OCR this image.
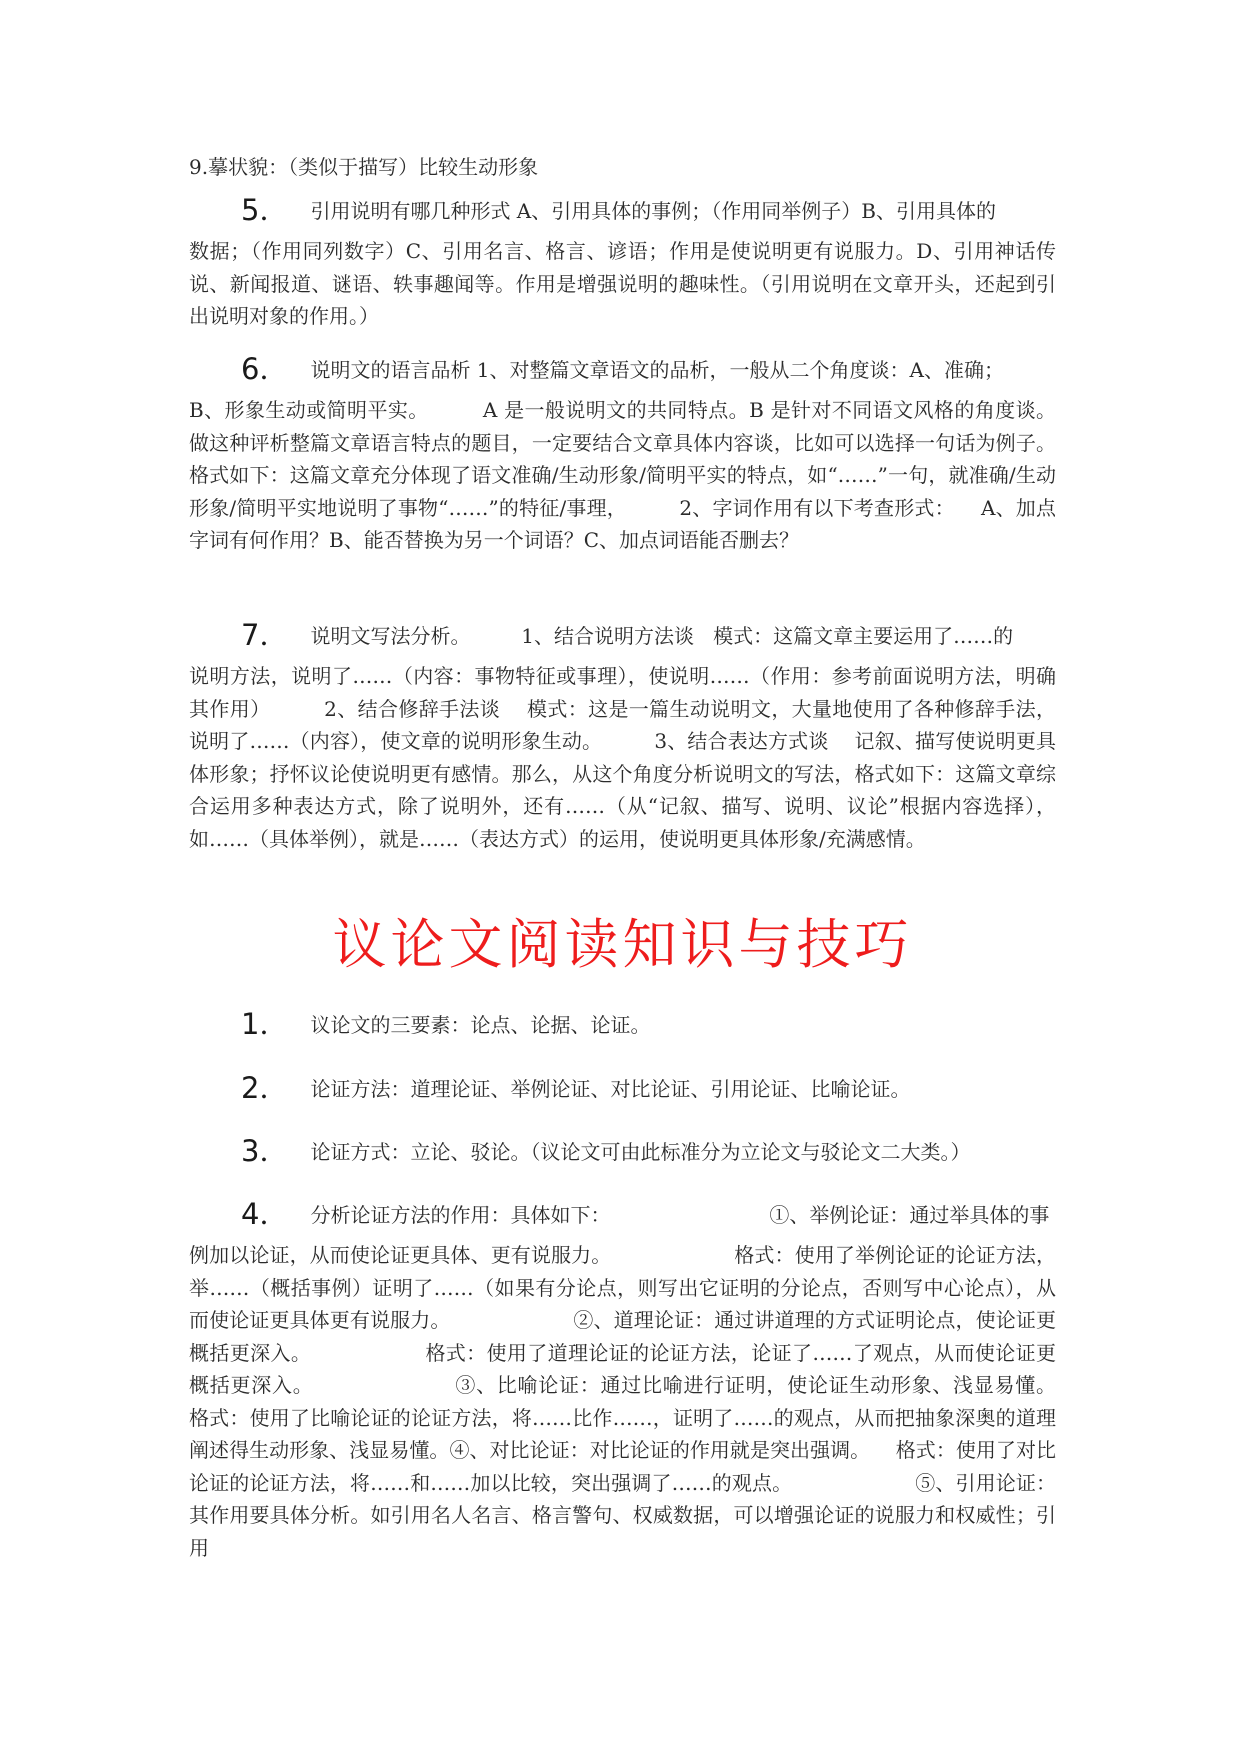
9.摹状貌：（类似于描写）比较生动形象

5． 引用说明有哪几种形式 A、引用具体的事例；（作用同举例子）B、引用具体的

数据；（作用同列数字）C、引用名言、格言、谚语；作用是使说明更有说服力。D、引用神话传说、新闻报道、谜语、轶事趣闻等。作用是增强说明的趣味性。（引用说明在文章开头，还起到引出说明对象的作用。）

6． 说明文的语言品析 1、对整篇文章语文的品析，一般从二个角度谈：A、准确；

B、形象生动或简明平实。        A 是一般说明文的共同特点。B 是针对不同语文风格的角度谈。做这种评析整篇文章语言特点的题目，一定要结合文章具体内容谈，比如可以选择一句话为例子。        格式如下：这篇文章充分体现了语文准确/生动形象/简明平实的特点，如“……”一句，就准确/生动形象/简明平实地说明了事物“……”的特征/事理，        2、字词作用有以下考查形式：    A、加点字词有何作用？B、能否替换为另一个词语？C、加点词语能否删去？

7． 说明文写法分析。        1、结合说明方法谈   模式：这篇文章主要运用了……的

说明方法，说明了……（内容：事物特征或事理），使说明……（作用：参考前面说明方法，明确其作用）        2、结合修辞手法谈    模式：这是一篇生动说明文，大量地使用了各种修辞手法，说明了……（内容），使文章的说明形象生动。        3、结合表达方式谈    记叙、描写使说明更具体形象；抒怀议论使说明更有感情。那么，从这个角度分析说明文的写法，格式如下：这篇文章综合运用多种表达方式，除了说明外，还有……（从“记叙、描写、说明、议论”根据内容选择），如……（具体举例），就是……（表达方式）的运用，使说明更具体形象/充满感情。

议论文阅读知识与技巧

1． 议论文的三要素：论点、论据、论证。

2． 论证方法：道理论证、举例论证、对比论证、引用论证、比喻论证。

3． 论证方式：立论、驳论。（议论文可由此标准分为立论文与驳论文二大类。）

4． 分析论证方法的作用：具体如下：                         ①、举例论证：通过举具体的事

例加以论证，从而使论证更具体、更有说服力。                   格式：使用了举例论证的论证方法，举……（概括事例）证明了……（如果有分论点，则写出它证明的分论点，否则写中心论点），从而使论证更具体更有说服力。                   ②、道理论证：通过讲道理的方式证明论点，使论证更概括更深入。                 格式：使用了道理论证的论证方法，论证了……了观点，从而使论证更概括更深入。                    ③、比喻论证：通过比喻进行证明，使论证生动形象、浅显易懂。        格式：使用了比喻论证的论证方法，将……比作……，证明了……的观点，从而把抽象深奥的道理阐述得生动形象、浅显易懂。④、对比论证：对比论证的作用就是突出强调。    格式：使用了对比论证的论证方法，将……和……加以比较，突出强调了……的观点。                   ⑤、引用论证：其作用要具体分析。如引用名人名言、格言警句、权威数据，可以增强论证的说服力和权威性；引用
